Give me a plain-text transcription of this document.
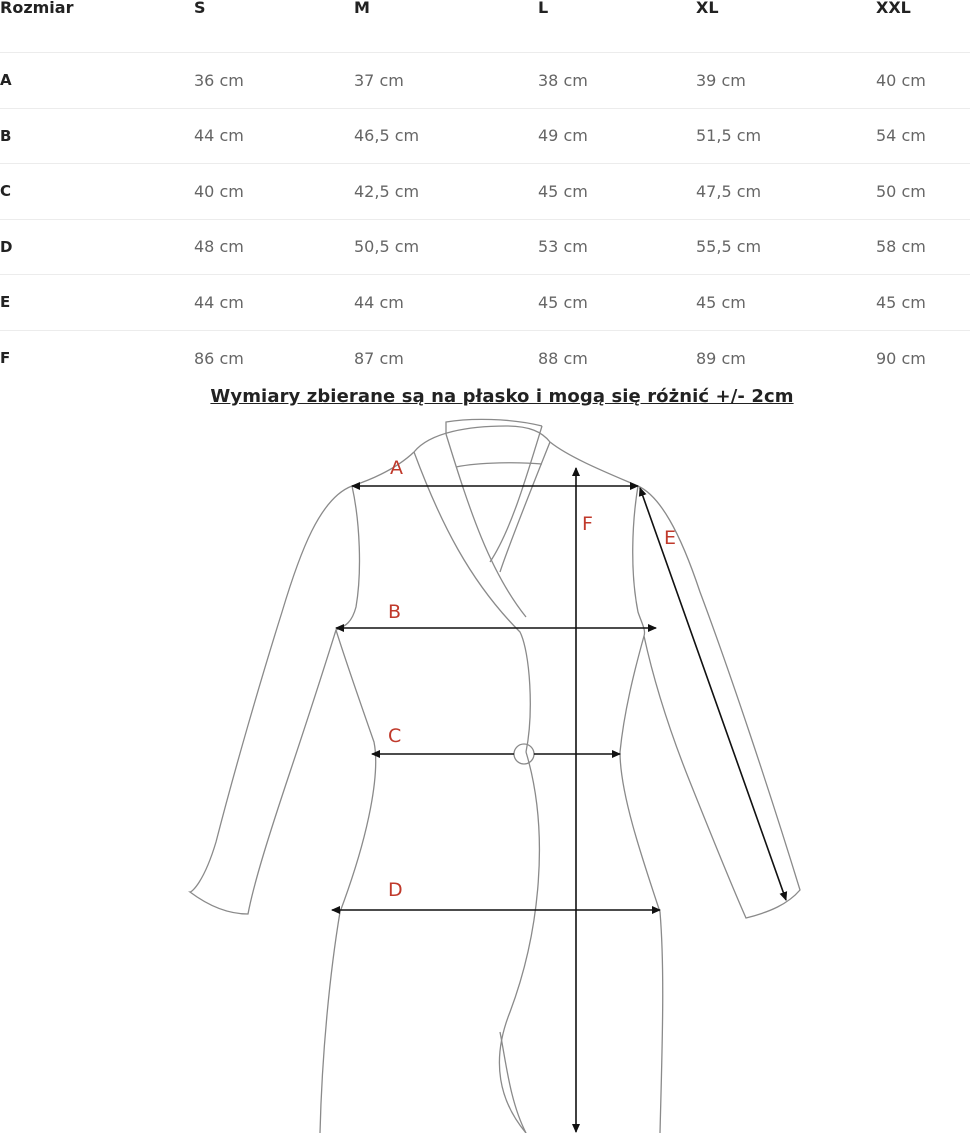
Rozmiar	S	M	L	XL	XXL
A	36 cm	37 cm	38 cm	39 cm	40 cm
B	44 cm	46,5 cm	49 cm	51,5 cm	54 cm
C	40 cm	42,5 cm	45 cm	47,5 cm	50 cm
D	48 cm	50,5 cm	53 cm	55,5 cm	58 cm
E	44 cm	44 cm	45 cm	45 cm	45 cm
F	86 cm	87 cm	88 cm	89 cm	90 cm
Wymiary zbierane są na płasko i mogą się różnić +/- 2cm
A
B
C
D
E
F
